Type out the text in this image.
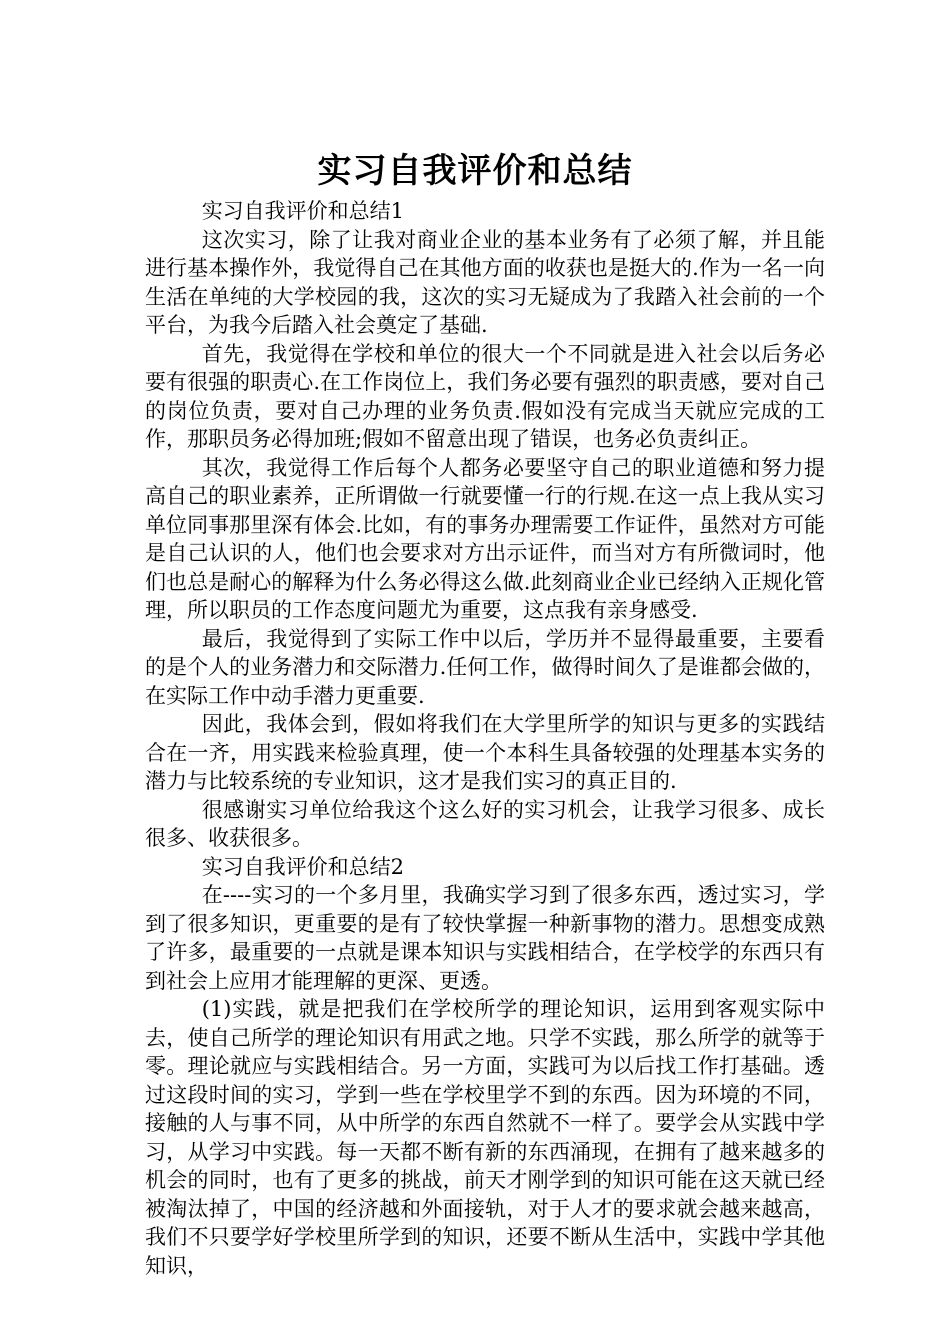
实习自我评价和总结

实习自我评价和总结1

这次实习，除了让我对商业企业的基本业务有了必须了解，并且能进行基本操作外，我觉得自己在其他方面的收获也是挺大的.作为一名一向生活在单纯的大学校园的我，这次的实习无疑成为了我踏入社会前的一个平台，为我今后踏入社会奠定了基础.

首先，我觉得在学校和单位的很大一个不同就是进入社会以后务必要有很强的职责心.在工作岗位上，我们务必要有强烈的职责感，要对自己的岗位负责，要对自己办理的业务负责.假如没有完成当天就应完成的工作，那职员务必得加班;假如不留意出现了错误，也务必负责纠正。

其次，我觉得工作后每个人都务必要坚守自己的职业道德和努力提高自己的职业素养，正所谓做一行就要懂一行的行规.在这一点上我从实习单位同事那里深有体会.比如，有的事务办理需要工作证件，虽然对方可能是自己认识的人，他们也会要求对方出示证件，而当对方有所微词时，他们也总是耐心的解释为什么务必得这么做.此刻商业企业已经纳入正规化管理，所以职员的工作态度问题尤为重要，这点我有亲身感受.

最后，我觉得到了实际工作中以后，学历并不显得最重要，主要看的是个人的业务潜力和交际潜力.任何工作，做得时间久了是谁都会做的，在实际工作中动手潜力更重要.

因此，我体会到，假如将我们在大学里所学的知识与更多的实践结合在一齐，用实践来检验真理，使一个本科生具备较强的处理基本实务的潜力与比较系统的专业知识，这才是我们实习的真正目的.

很感谢实习单位给我这个这么好的实习机会，让我学习很多、成长很多、收获很多。

实习自我评价和总结2

在----实习的一个多月里，我确实学习到了很多东西，透过实习，学到了很多知识，更重要的是有了较快掌握一种新事物的潜力。思想变成熟了许多，最重要的一点就是课本知识与实践相结合，在学校学的东西只有到社会上应用才能理解的更深、更透。

(1)实践，就是把我们在学校所学的理论知识，运用到客观实际中去，使自己所学的理论知识有用武之地。只学不实践，那么所学的就等于零。理论就应与实践相结合。另一方面，实践可为以后找工作打基础。透过这段时间的实习，学到一些在学校里学不到的东西。因为环境的不同，接触的人与事不同，从中所学的东西自然就不一样了。要学会从实践中学习，从学习中实践。每一天都不断有新的东西涌现，在拥有了越来越多的机会的同时，也有了更多的挑战，前天才刚学到的知识可能在这天就已经被淘汰掉了，中国的经济越和外面接轨，对于人才的要求就会越来越高，我们不只要学好学校里所学到的知识，还要不断从生活中，实践中学其他知识，
